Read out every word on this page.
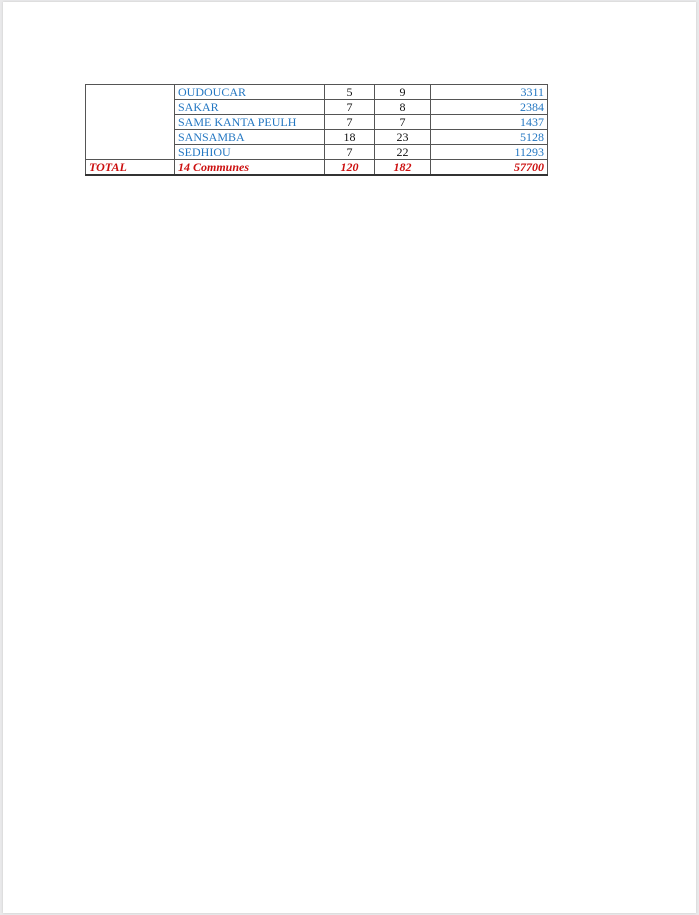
	OUDOUCAR	5	9	3311
	SAKAR	7	8	2384
	SAME KANTA PEULH	7	7	1437
	SANSAMBA	18	23	5128
	SEDHIOU	7	22	11293
TOTAL	14 Communes	120	182	57700
